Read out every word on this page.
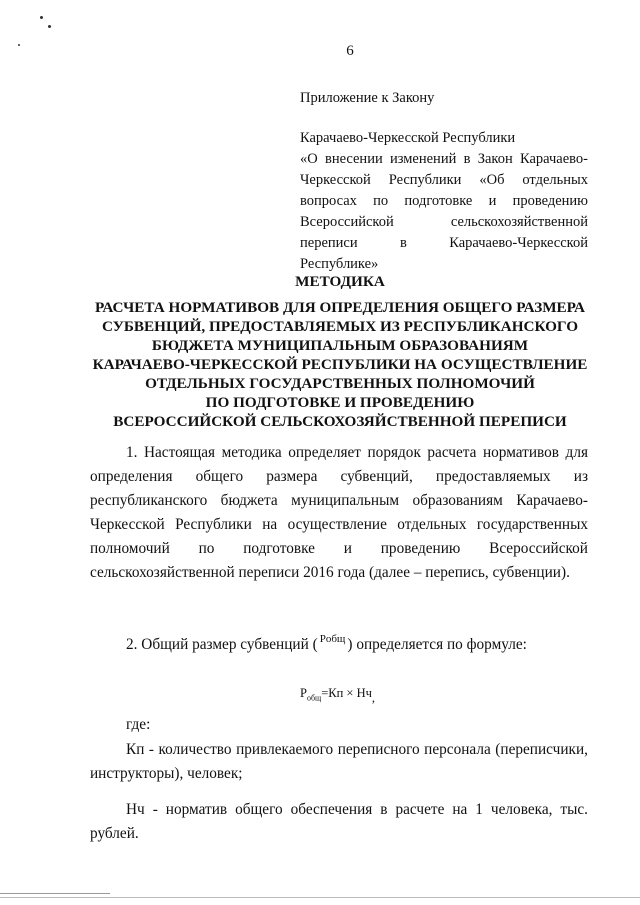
6
Приложение к Закону
Карачаево-Черкесской Республики
«О внесении изменений в Закон Карачаево-
Черкесской Республики «Об отдельных
вопросах по подготовке и проведению
Всероссийской сельскохозяйственной
переписи в Карачаево-Черкесской
Республике»
МЕТОДИКА
РАСЧЕТА НОРМАТИВОВ ДЛЯ ОПРЕДЕЛЕНИЯ ОБЩЕГО РАЗМЕРА
СУБВЕНЦИЙ, ПРЕДОСТАВЛЯЕМЫХ ИЗ РЕСПУБЛИКАНСКОГО
БЮДЖЕТА МУНИЦИПАЛЬНЫМ ОБРАЗОВАНИЯМ
КАРАЧАЕВО-ЧЕРКЕССКОЙ РЕСПУБЛИКИ НА ОСУЩЕСТВЛЕНИЕ
ОТДЕЛЬНЫХ ГОСУДАРСТВЕННЫХ ПОЛНОМОЧИЙ
ПО ПОДГОТОВКЕ И ПРОВЕДЕНИЮ
ВСЕРОССИЙСКОЙ СЕЛЬСКОХОЗЯЙСТВЕННОЙ ПЕРЕПИСИ
1. Настоящая методика определяет порядок расчета нормативов для
определения общего размера субвенций, предоставляемых из
республиканского бюджета муниципальным образованиям Карачаево-
Черкесской Республики на осуществление отдельных государственных
полномочий по подготовке и проведению Всероссийской
сельскохозяйственной переписи 2016 года (далее – перепись, субвенции).
2. Общий размер субвенций ( $^{Pобщ}$ ) определяется по формуле:
$P_{общ}=Кп$ × Нч,
где:
Кп - количество привлекаемого переписного персонала (переписчики,
инструкторы), человек;
Нч - норматив общего обеспечения в расчете на 1 человека, тыс.
рублей.
